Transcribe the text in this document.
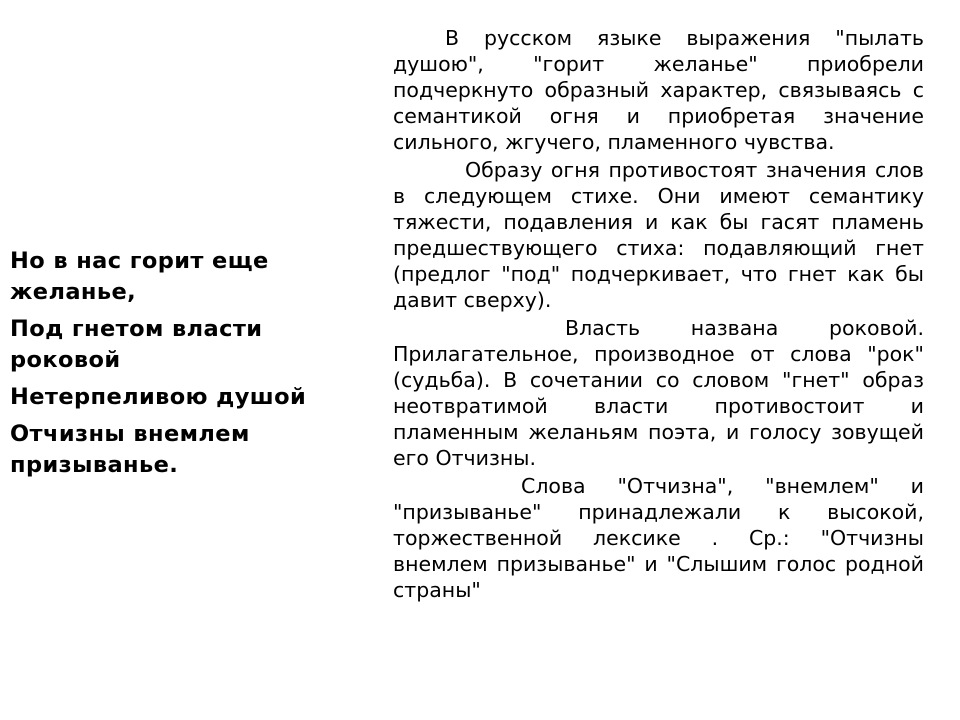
Но в нас горит еще желанье,

Под гнетом власти роковой

Нетерпеливою душой

Отчизны внемлем призыванье.

В русском языке выражения "пылать душою", "горит желанье" приобрели подчеркнуто образный характер, связываясь с семантикой огня и приобретая значение сильного, жгучего, пламенного чувства.

Образу огня противостоят значения слов в следующем стихе. Они имеют семантику тяжести, подавления и как бы гасят пламень предшествующего стиха: подавляющий гнет (предлог "под" подчеркивает, что гнет как бы давит сверху).

Власть названа роковой. Прилагательное, производное от слова "рок" (судьба). В сочетании со словом "гнет" образ неотвратимой власти противостоит и пламенным желаньям поэта, и голосу зовущей его Отчизны.

Слова "Отчизна", "внемлем" и "призыванье" принадлежали к высокой, торжественной лексике . Ср.: "Отчизны внемлем призыванье" и "Слышим голос родной страны"
